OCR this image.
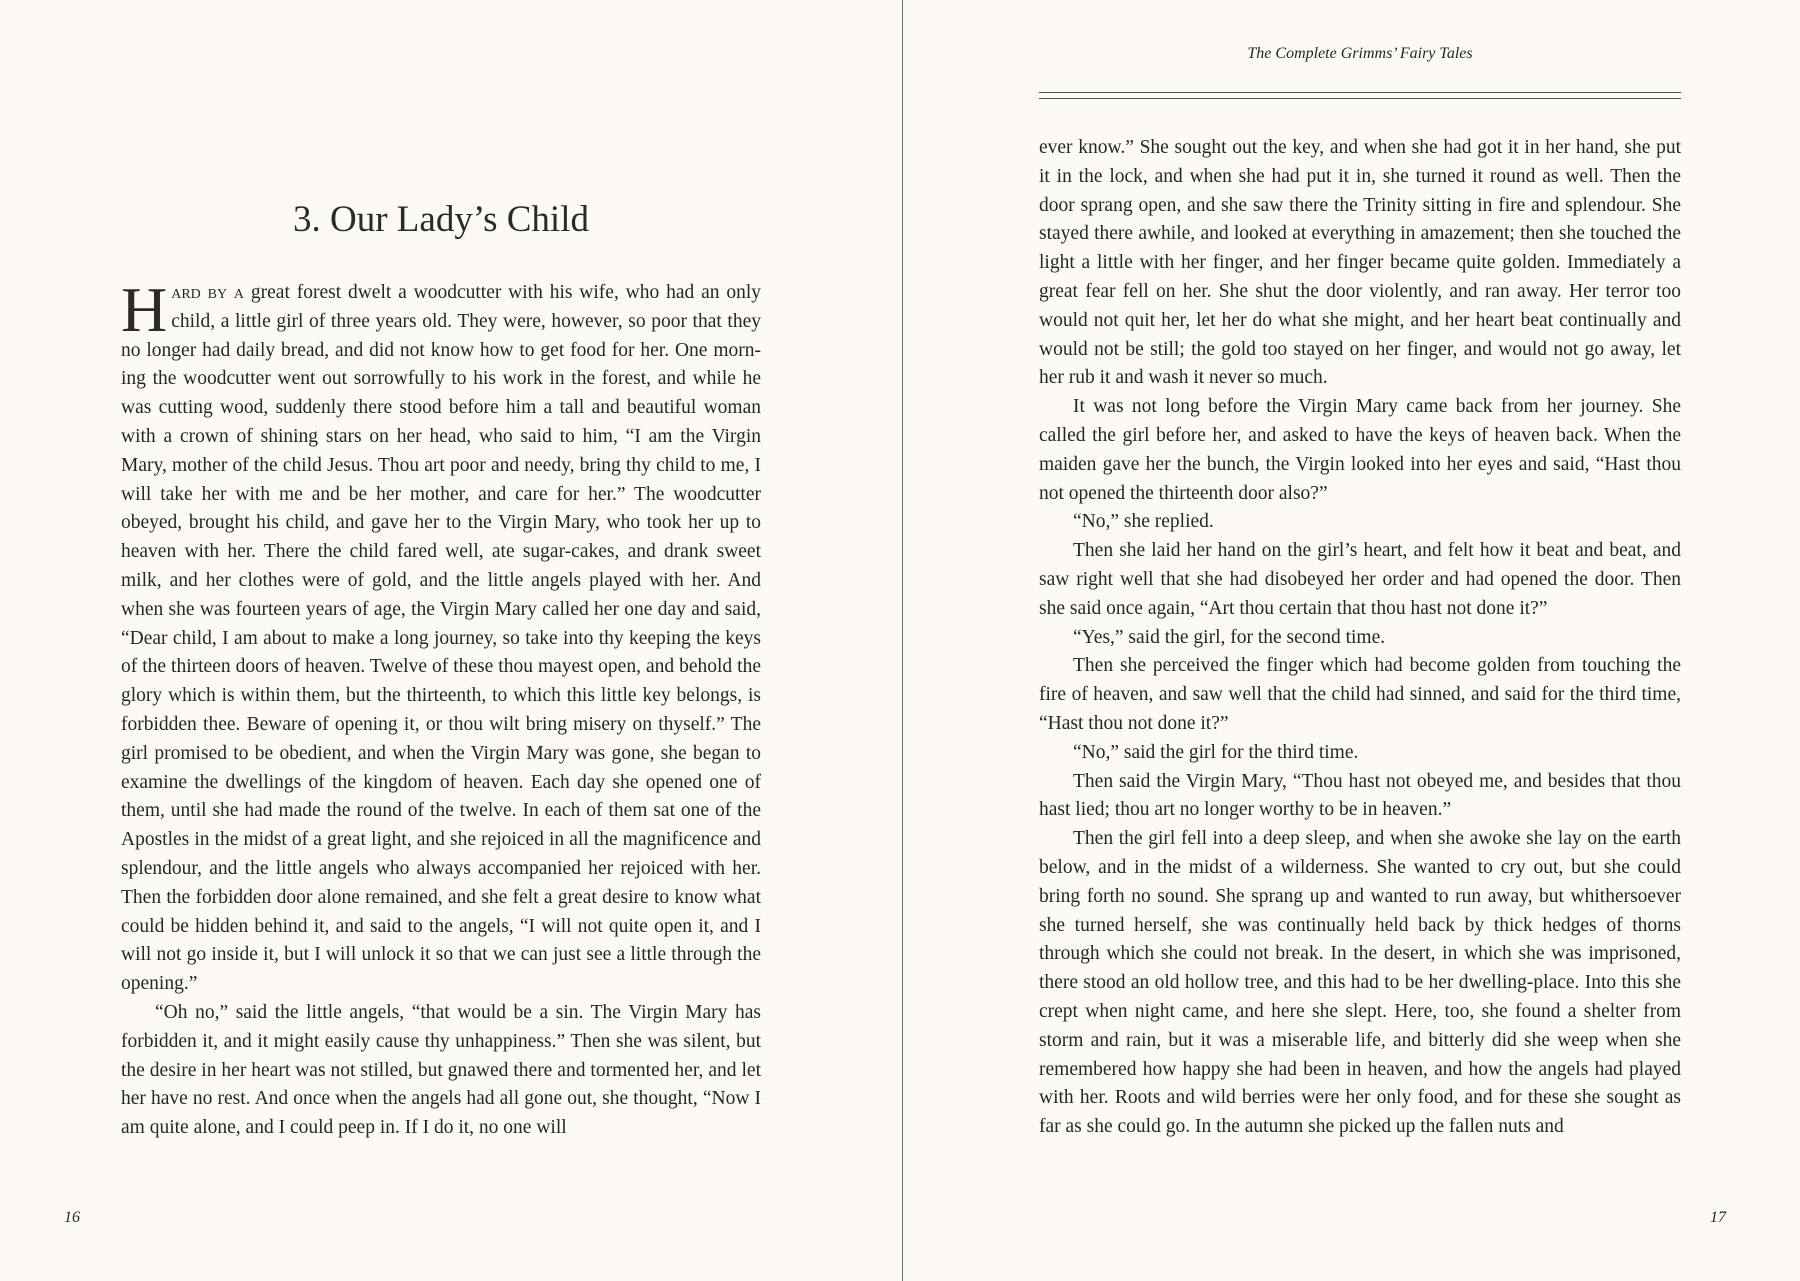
3. Our Lady’s Child

Hard by a great forest dwelt a woodcutter with his wife, who had an only child, a little girl of three years old. They were, however, so poor that they no longer had daily bread, and did not know how to get food for her. One morning the woodcutter went out sorrowfully to his work in the forest, and while he was cutting wood, suddenly there stood before him a tall and beautiful woman with a crown of shining stars on her head, who said to him, “I am the Virgin Mary, mother of the child Jesus. Thou art poor and needy, bring thy child to me, I will take her with me and be her mother, and care for her.” The woodcutter obeyed, brought his child, and gave her to the Virgin Mary, who took her up to heaven with her. There the child fared well, ate sugar-cakes, and drank sweet milk, and her clothes were of gold, and the little angels played with her. And when she was fourteen years of age, the Virgin Mary called her one day and said, “Dear child, I am about to make a long journey, so take into thy keeping the keys of the thirteen doors of heaven. Twelve of these thou mayest open, and behold the glory which is within them, but the thirteenth, to which this little key belongs, is forbidden thee. Beware of opening it, or thou wilt bring misery on thyself.” The girl promised to be obedient, and when the Virgin Mary was gone, she began to examine the dwellings of the kingdom of heaven. Each day she opened one of them, until she had made the round of the twelve. In each of them sat one of the Apostles in the midst of a great light, and she rejoiced in all the magnificence and splendour, and the little angels who always accompanied her rejoiced with her. Then the forbidden door alone remained, and she felt a great desire to know what could be hidden behind it, and said to the angels, “I will not quite open it, and I will not go inside it, but I will unlock it so that we can just see a little through the opening.”

“Oh no,” said the little angels, “that would be a sin. The Virgin Mary has forbidden it, and it might easily cause thy unhappiness.” Then she was silent, but the desire in her heart was not stilled, but gnawed there and tormented her, and let her have no rest. And once when the angels had all gone out, she thought, “Now I am quite alone, and I could peep in. If I do it, no one will

16
The Complete Grimms’ Fairy Tales

ever know.” She sought out the key, and when she had got it in her hand, she put it in the lock, and when she had put it in, she turned it round as well. Then the door sprang open, and she saw there the Trinity sitting in fire and splendour. She stayed there awhile, and looked at everything in amazement; then she touched the light a little with her finger, and her finger became quite golden. Immediately a great fear fell on her. She shut the door violently, and ran away. Her terror too would not quit her, let her do what she might, and her heart beat continually and would not be still; the gold too stayed on her finger, and would not go away, let her rub it and wash it never so much.

It was not long before the Virgin Mary came back from her journey. She called the girl before her, and asked to have the keys of heaven back. When the maiden gave her the bunch, the Virgin looked into her eyes and said, “Hast thou not opened the thirteenth door also?”

“No,” she replied.

Then she laid her hand on the girl’s heart, and felt how it beat and beat, and saw right well that she had disobeyed her order and had opened the door. Then she said once again, “Art thou certain that thou hast not done it?”

“Yes,” said the girl, for the second time.

Then she perceived the finger which had become golden from touching the fire of heaven, and saw well that the child had sinned, and said for the third time, “Hast thou not done it?”

“No,” said the girl for the third time.

Then said the Virgin Mary, “Thou hast not obeyed me, and besides that thou hast lied; thou art no longer worthy to be in heaven.”

Then the girl fell into a deep sleep, and when she awoke she lay on the earth below, and in the midst of a wilderness. She wanted to cry out, but she could bring forth no sound. She sprang up and wanted to run away, but whithersoever she turned herself, she was continually held back by thick hedges of thorns through which she could not break. In the desert, in which she was imprisoned, there stood an old hollow tree, and this had to be her dwelling-place. Into this she crept when night came, and here she slept. Here, too, she found a shelter from storm and rain, but it was a miserable life, and bitterly did she weep when she remembered how happy she had been in heaven, and how the angels had played with her. Roots and wild berries were her only food, and for these she sought as far as she could go. In the autumn she picked up the fallen nuts and

17
